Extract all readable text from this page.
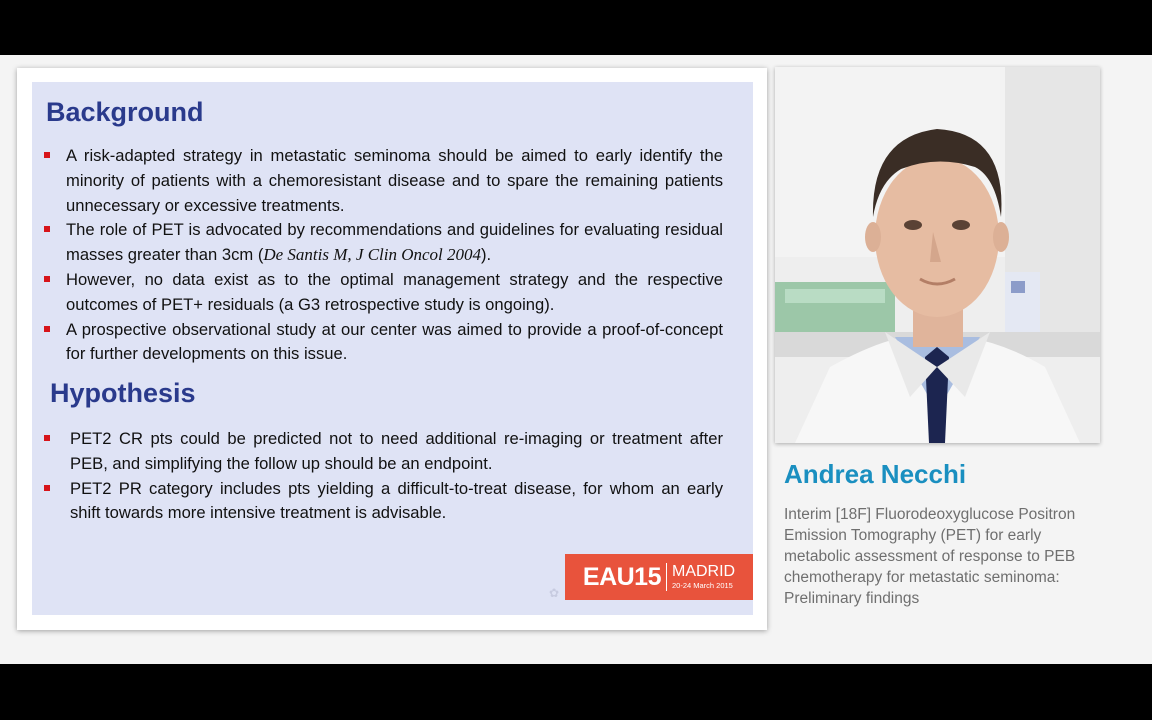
Background
A risk-adapted strategy in metastatic seminoma should be aimed to early identify the minority of patients with a chemoresistant disease and to spare the remaining patients unnecessary or excessive treatments.
The role of PET is advocated by recommendations and guidelines for evaluating residual masses greater than 3cm (De Santis M, J Clin Oncol 2004).
However, no data exist as to the optimal management strategy and the respective outcomes of PET+ residuals (a G3 retrospective study is ongoing).
A prospective observational study at our center was aimed to provide a proof-of-concept for further developments on this issue.
Hypothesis
PET2 CR pts could be predicted not to need additional re-imaging or treatment after PEB, and simplifying the follow up should be an endpoint.
PET2 PR category includes pts yielding a difficult-to-treat disease, for whom an early shift towards more intensive treatment is advisable.
✿
EAU15 MADRID
20-24 March 2015
Andrea Necchi

Interim [18F] Fluorodeoxyglucose Positron Emission Tomography (PET) for early metabolic assessment of response to PEB chemotherapy for metastatic seminoma: Preliminary findings
